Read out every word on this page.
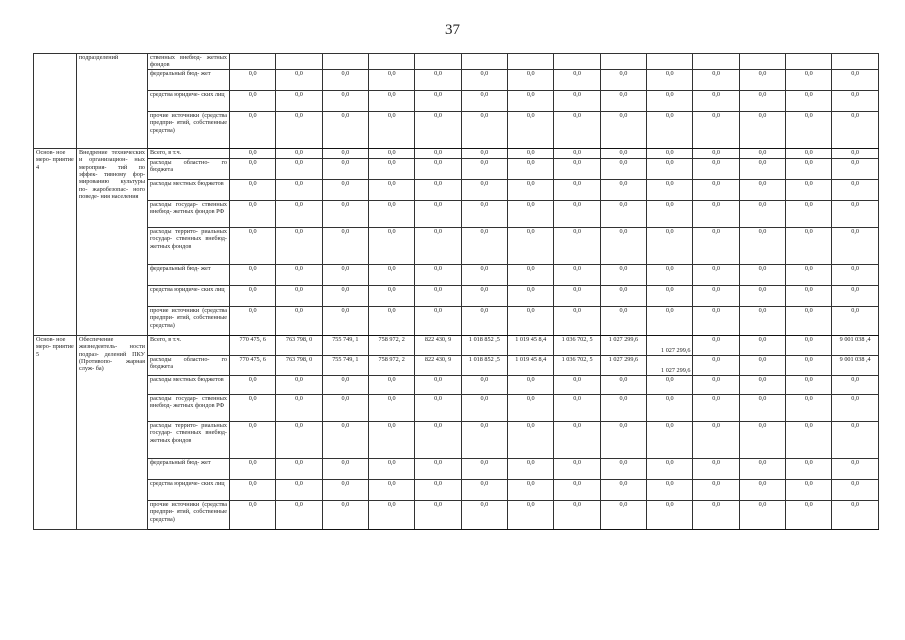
37
	подразделений	ственных внебюд- жетных фондов														
		федеральный бюд- жет	0,0	0,0	0,0	0,0	0,0	0,0	0,0	0,0	0,0	0,0	0,0	0,0	0,0	0,0
		средства юридиче- ских лиц	0,0	0,0	0,0	0,0	0,0	0,0	0,0	0,0	0,0	0,0	0,0	0,0	0,0	0,0
		прочие источники (средства предпри- ятий, собственные средства)	0,0	0,0	0,0	0,0	0,0	0,0	0,0	0,0	0,0	0,0	0,0	0,0	0,0	0,0
Основ- ное меро- приятие 4	Внедрение технических и организацион- ных мероприя- тий по эффек- тивному фор- мированию культуры по- жаробезопас- ного поведе- ния населения	Всего, в т.ч.	0,0	0,0	0,0	0,0	0,0	0,0	0,0	0,0	0,0	0,0	0,0	0,0	0,0	0,0
		расходы областно- го бюджета	0,0	0,0	0,0	0,0	0,0	0,0	0,0	0,0	0,0	0,0	0,0	0,0	0,0	0,0
		расходы местных бюджетов	0,0	0,0	0,0	0,0	0,0	0,0	0,0	0,0	0,0	0,0	0,0	0,0	0,0	0,0
		расходы государ- ственных внебюд- жетных фондов РФ	0,0	0,0	0,0	0,0	0,0	0,0	0,0	0,0	0,0	0,0	0,0	0,0	0,0	0,0
		расходы террито- риальных государ- ственных внебюд- жетных фондов	0,0	0,0	0,0	0,0	0,0	0,0	0,0	0,0	0,0	0,0	0,0	0,0	0,0	0,0
		федеральный бюд- жет	0,0	0,0	0,0	0,0	0,0	0,0	0,0	0,0	0,0	0,0	0,0	0,0	0,0	0,0
		средства юридиче- ских лиц	0,0	0,0	0,0	0,0	0,0	0,0	0,0	0,0	0,0	0,0	0,0	0,0	0,0	0,0
		прочие источники (средства предпри- ятий, собственные средства)	0,0	0,0	0,0	0,0	0,0	0,0	0,0	0,0	0,0	0,0	0,0	0,0	0,0	0,0
Основ- ное меро- приятие 5	Обеспечение жизнедеятель- ности подраз- делений ПКУ (Противопо- жарная служ- ба)	Всего, в т.ч.	770 475, 6	763 798, 0	755 749, 1	758 972, 2	822 430, 9	1 018 852 ,5	1 019 45 8,4	1 036 702, 5	1 027 299,6	1 027 299,6	0,0	0,0	0,0	9 001 038 ,4
		расходы областно- го бюджета	770 475, 6	763 798, 0	755 749, 1	758 972, 2	822 430, 9	1 018 852 ,5	1 019 45 8,4	1 036 702, 5	1 027 299,6	1 027 299,6	0,0	0,0	0,0	9 001 038 ,4
		расходы местных бюджетов	0,0	0,0	0,0	0,0	0,0	0,0	0,0	0,0	0,0	0,0	0,0	0,0	0,0	0,0
		расходы государ- ственных внебюд- жетных фондов РФ	0,0	0,0	0,0	0,0	0,0	0,0	0,0	0,0	0,0	0,0	0,0	0,0	0,0	0,0
		расходы террито- риальных государ- ственных внебюд- жетных фондов	0,0	0,0	0,0	0,0	0,0	0,0	0,0	0,0	0,0	0,0	0,0	0,0	0,0	0,0
		федеральный бюд- жет	0,0	0,0	0,0	0,0	0,0	0,0	0,0	0,0	0,0	0,0	0,0	0,0	0,0	0,0
		средства юридиче- ских лиц	0,0	0,0	0,0	0,0	0,0	0,0	0,0	0,0	0,0	0,0	0,0	0,0	0,0	0,0
		прочие источники (средства предпри- ятий, собственные средства)	0,0	0,0	0,0	0,0	0,0	0,0	0,0	0,0	0,0	0,0	0,0	0,0	0,0	0,0
